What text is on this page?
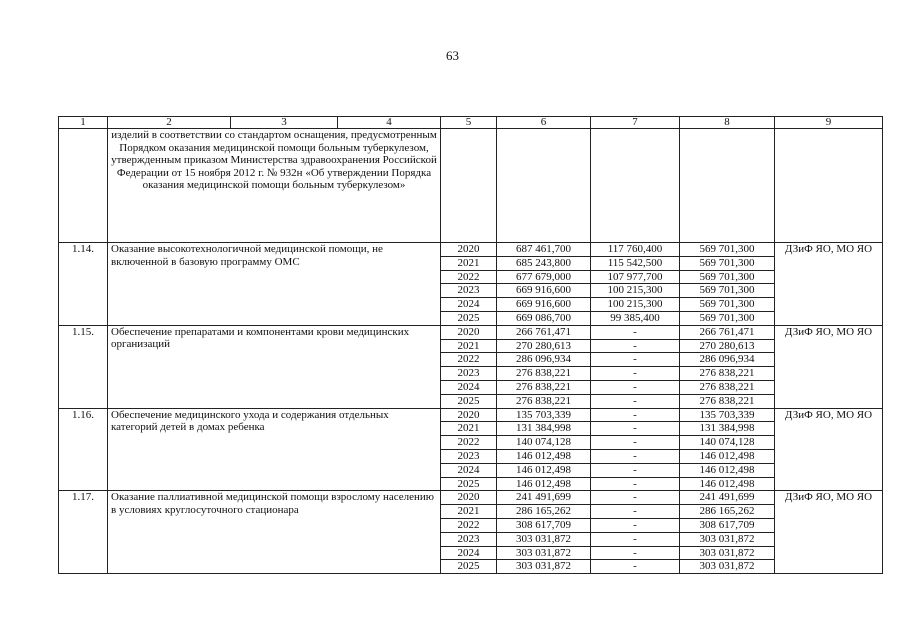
63
1	2	3	4	5	6	7	8	9
	изделий в соответствии со стандартом оснащения, предусмотренным Порядком оказания медицинской помощи больным туберкулезом, утвержденным приказом Министерства здравоохранения Российской Федерации от 15 ноября 2012 г. № 932н «Об утверждении Порядка оказания медицинской помощи больным туберкулезом»							
1.14.	Оказание высокотехнологичной медицинской помощи, не включенной в базовую программу ОМС			2020	687 461,700	117 760,400	569 701,300	ДЗиФ ЯО, МО ЯО
				2021	685 243,800	115 542,500	569 701,300	
				2022	677 679,000	107 977,700	569 701,300	
				2023	669 916,600	100 215,300	569 701,300	
				2024	669 916,600	100 215,300	569 701,300	
				2025	669 086,700	99 385,400	569 701,300	
1.15.	Обеспечение препаратами и компонентами крови медицинских организаций			2020	266 761,471	-	266 761,471	ДЗиФ ЯО, МО ЯО
				2021	270 280,613	-	270 280,613	
				2022	286 096,934	-	286 096,934	
				2023	276 838,221	-	276 838,221	
				2024	276 838,221	-	276 838,221	
				2025	276 838,221	-	276 838,221	
1.16.	Обеспечение медицинского ухода и содержания отдельных категорий детей в домах ребенка			2020	135 703,339	-	135 703,339	ДЗиФ ЯО, МО ЯО
				2021	131 384,998	-	131 384,998	
				2022	140 074,128	-	140 074,128	
				2023	146 012,498	-	146 012,498	
				2024	146 012,498	-	146 012,498	
				2025	146 012,498	-	146 012,498	
1.17.	Оказание паллиативной медицинской помощи взрослому населению в условиях круглосуточного стационара			2020	241 491,699	-	241 491,699	ДЗиФ ЯО, МО ЯО
				2021	286 165,262	-	286 165,262	
				2022	308 617,709	-	308 617,709	
				2023	303 031,872	-	303 031,872	
				2024	303 031,872	-	303 031,872	
				2025	303 031,872	-	303 031,872	
